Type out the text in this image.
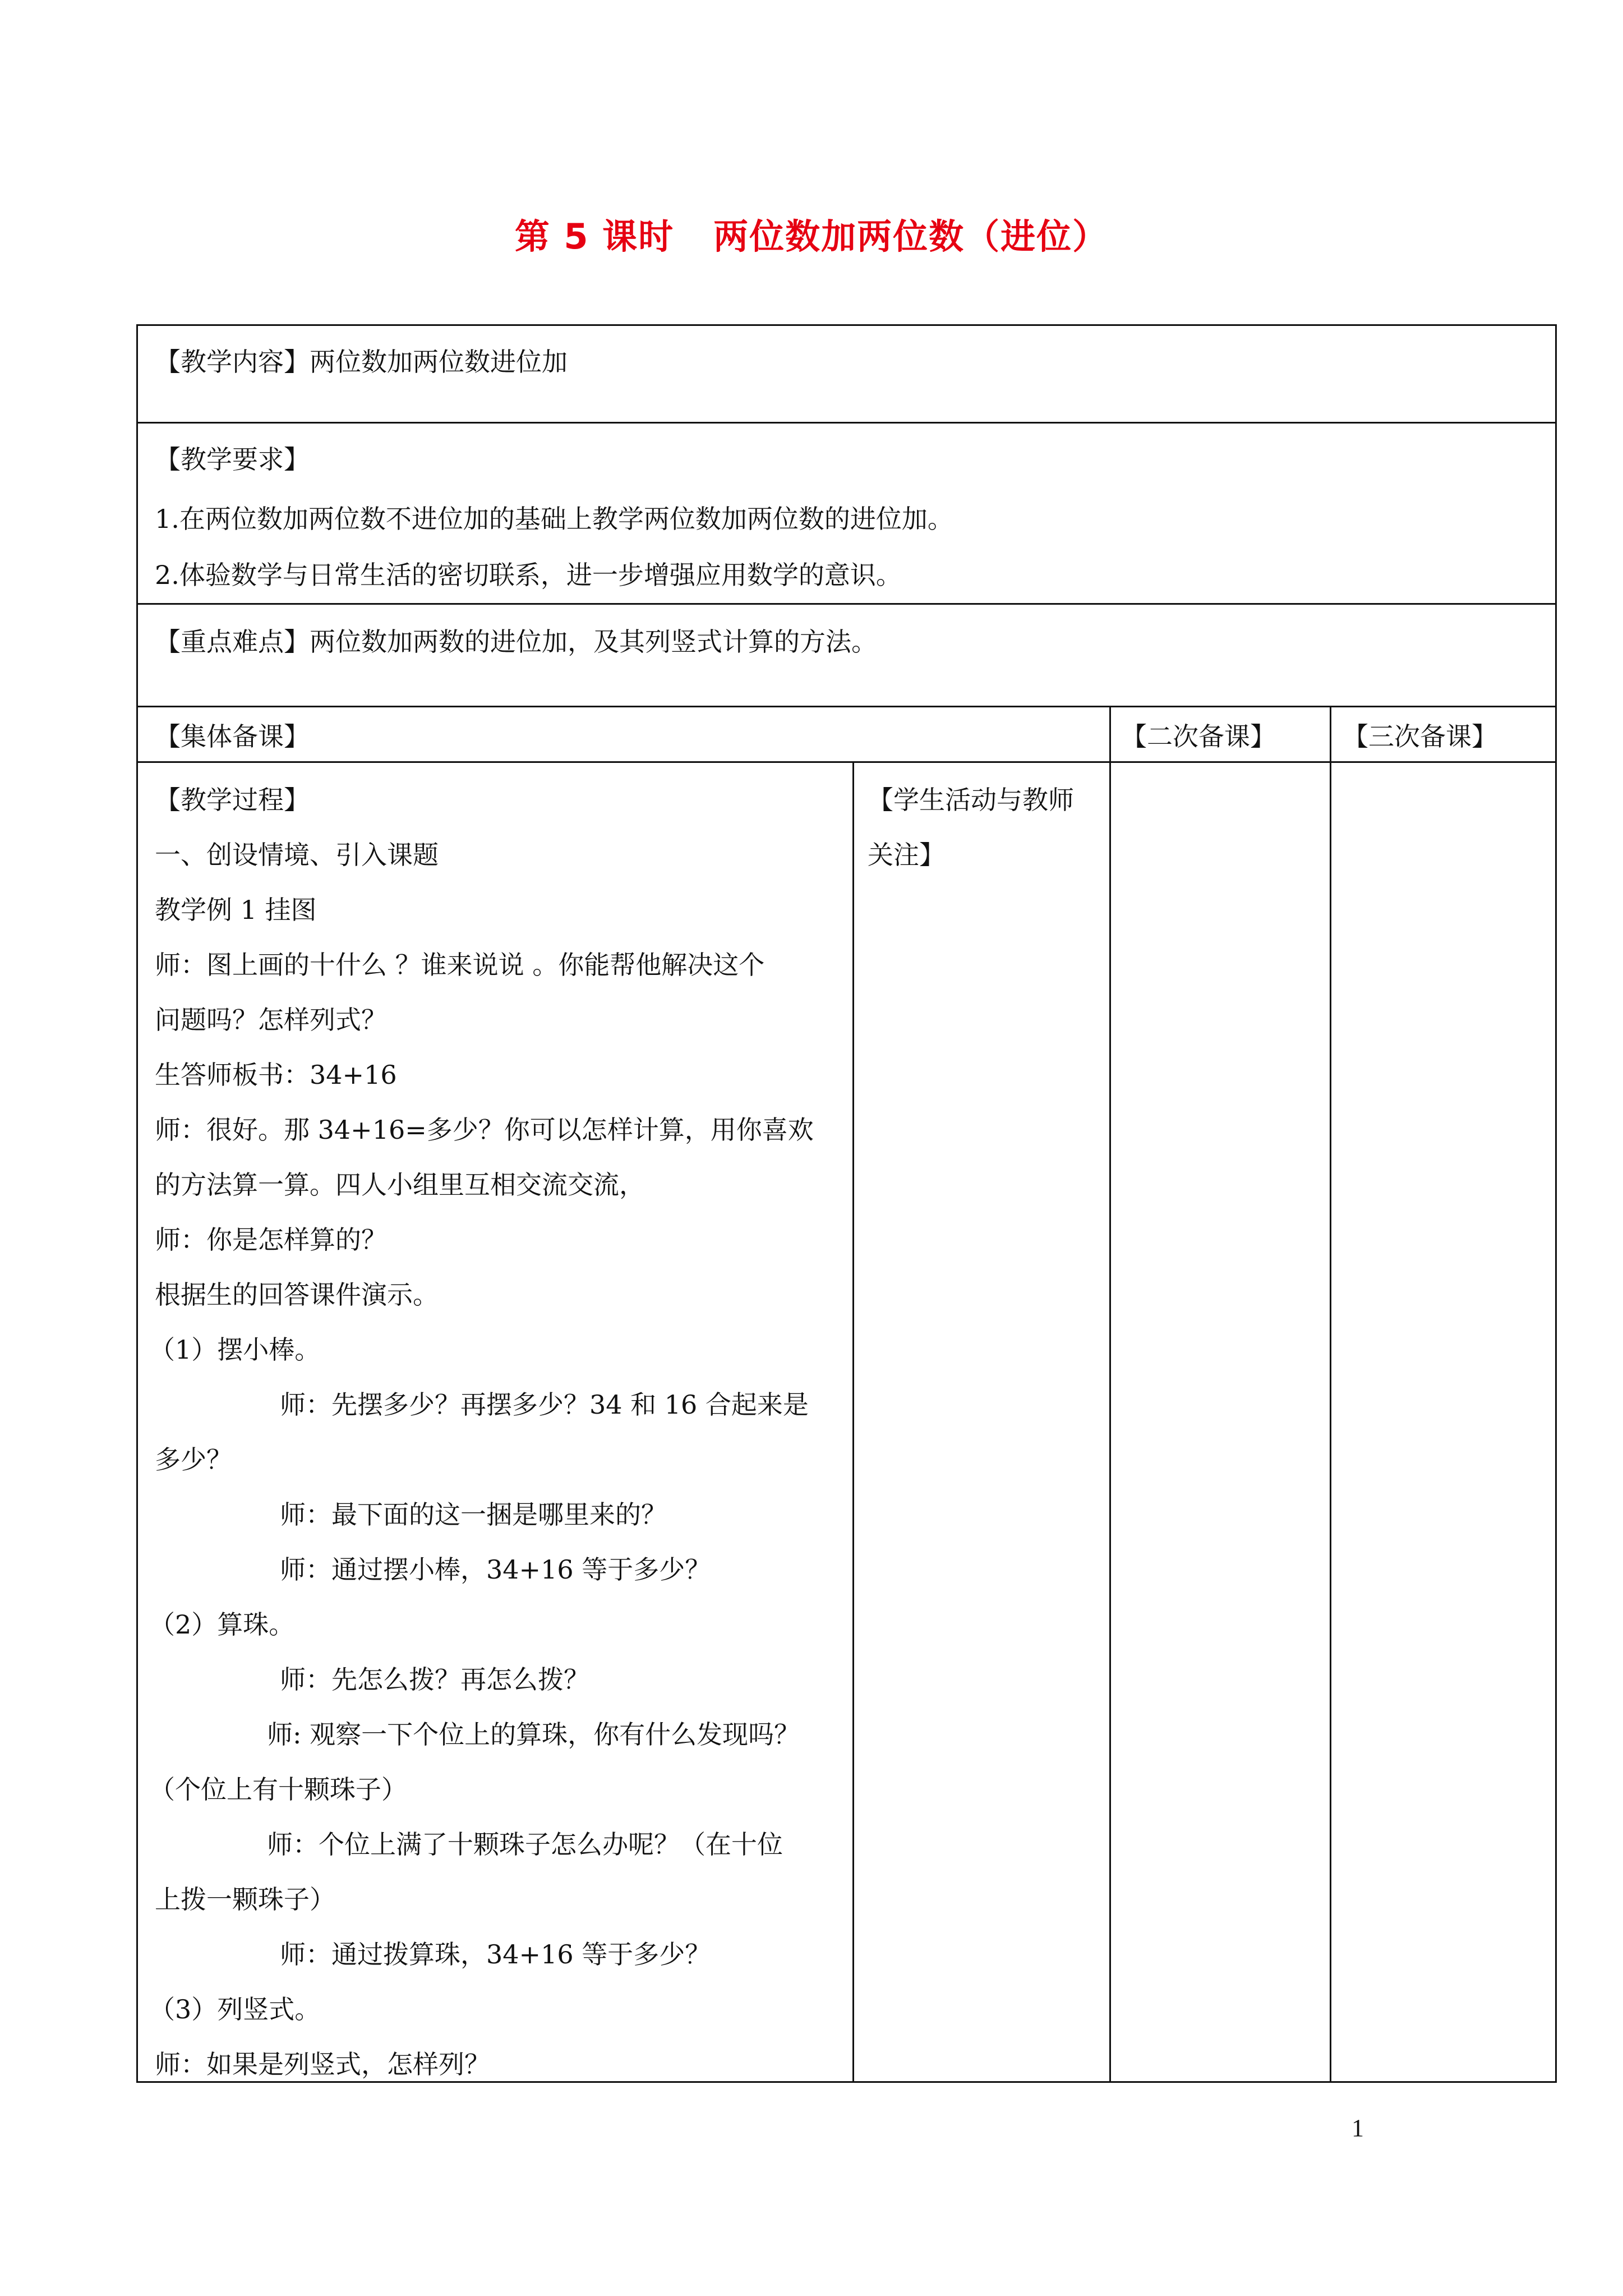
第 5 课时 两位数加两位数（进位）
【教学内容】两位数加两位数进位加
【教学要求】
1.在两位数加两位数不进位加的基础上教学两位数加两位数的进位加。
2.体验数学与日常生活的密切联系，进一步增强应用数学的意识。
【重点难点】两位数加两数的进位加，及其列竖式计算的方法。
【集体备课】	【二次备课】	【三次备课】
【教学过程】
一、创设情境、引入课题
教学例 1 挂图
师：图上画的十什么 ？谁来说说 。你能帮他解决这个
问题吗？怎样列式？
生答师板书：34+16
师：很好。那 34+16=多少？你可以怎样计算，用你喜欢
的方法算一算。四人小组里互相交流交流，
师：你是怎样算的？
根据生的回答课件演示。
（1）摆小棒。
师：先摆多少？再摆多少？34 和 16 合起来是
多少？
师：最下面的这一捆是哪里来的？
师：通过摆小棒，34+16 等于多少？
（2）算珠。
师：先怎么拨？再怎么拨？
师: 观察一下个位上的算珠，你有什么发现吗？
（个位上有十颗珠子）
师：个位上满了十颗珠子怎么办呢？（在十位
上拨一颗珠子）
师：通过拨算珠，34+16 等于多少？
（3）列竖式。
师：如果是列竖式，怎样列？
【学生活动与教师
关注】
1
